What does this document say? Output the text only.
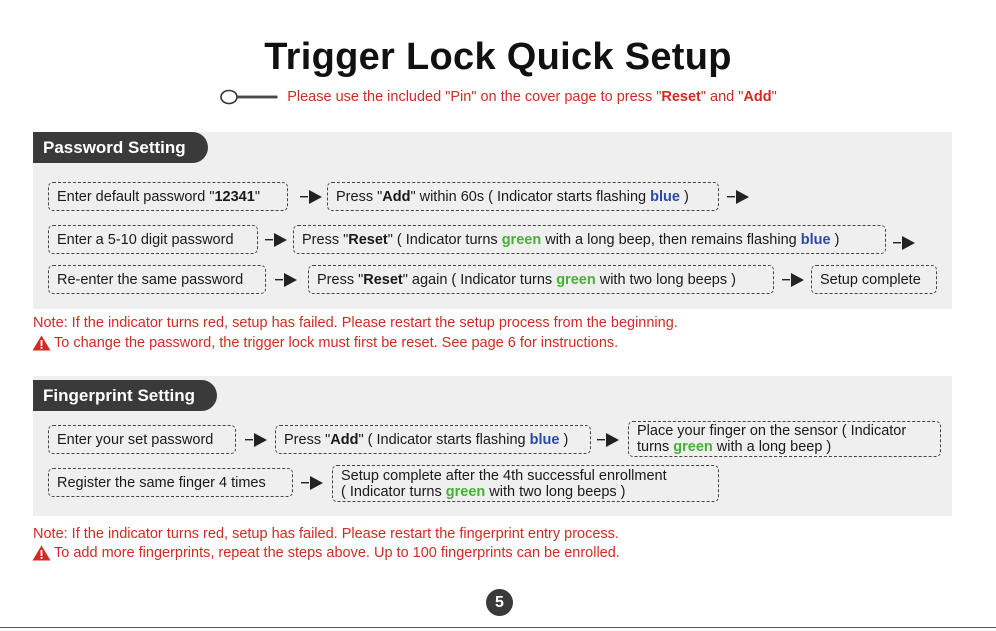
Trigger Lock Quick Setup
Please use the included "Pin" on the cover page to press "Reset" and "Add"
Password Setting
Enter default password "12341"	Press "Add" within 60s ( Indicator starts flashing blue )
Enter a 5-10 digit password	Press "Reset" ( Indicator turns green with a long beep, then remains flashing blue )
Re-enter the same password	Press "Reset" again ( Indicator turns green with two long beeps )	Setup complete
Note: If the indicator turns red, setup has failed. Please restart the setup process from the beginning.
To change the password, the trigger lock must first be reset. See page 6 for instructions.
Fingerprint Setting
Enter your set password	Press "Add" ( Indicator starts flashing blue )
Place your finger on the sensor ( Indicator
turns green with a long beep )
Register the same finger 4 times	Setup complete after the 4th successful enrollment
( Indicator turns green with two long beeps )
Note: If the indicator turns red, setup has failed. Please restart the fingerprint entry process.
To add more fingerprints, repeat the steps above. Up to 100 fingerprints can be enrolled.
5
